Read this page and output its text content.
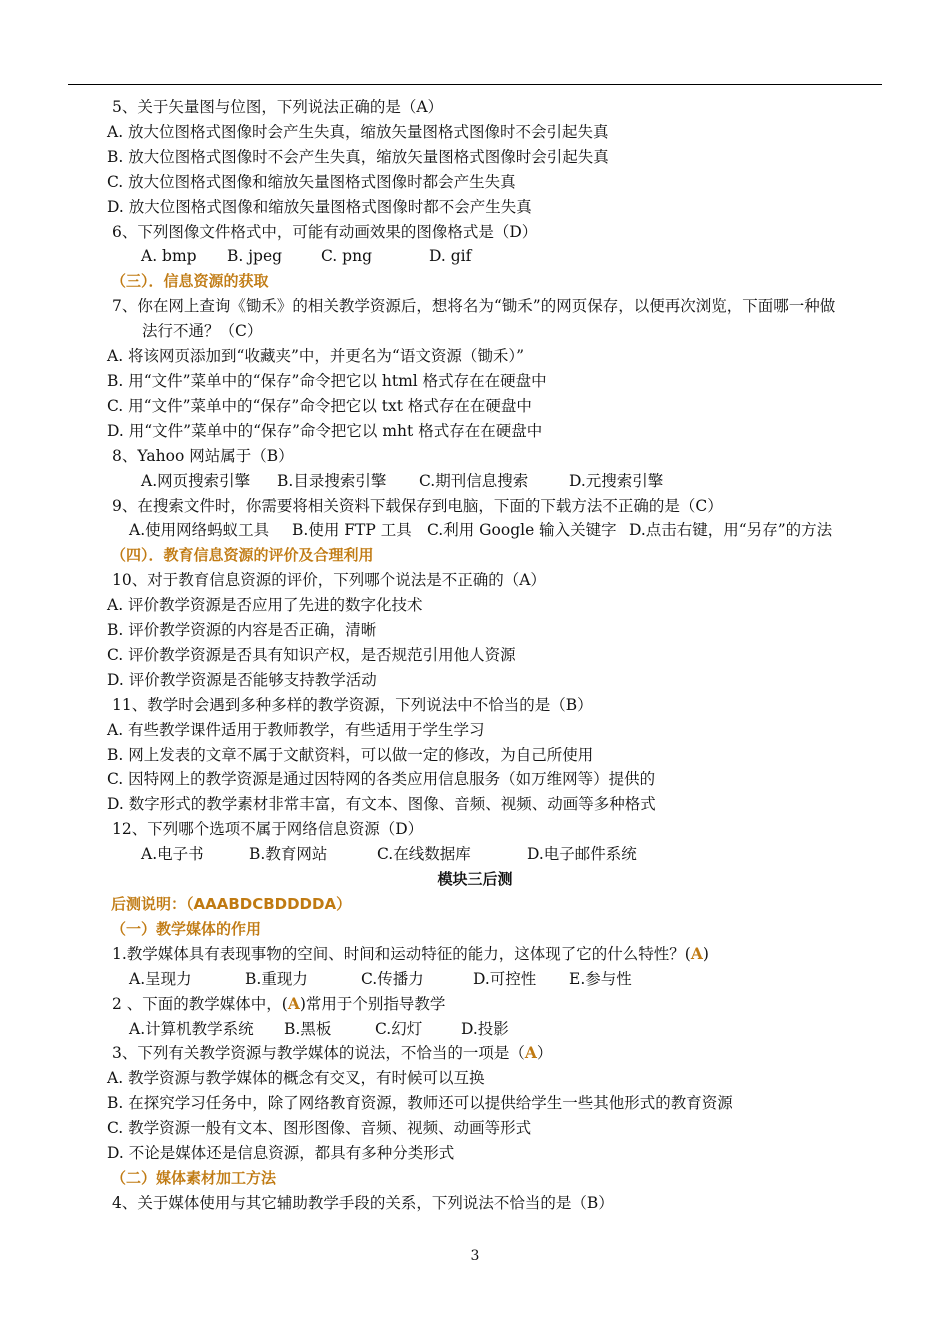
5、关于矢量图与位图，下列说法正确的是（A）
A. 放大位图格式图像时会产生失真，缩放矢量图格式图像时不会引起失真
B. 放大位图格式图像时不会产生失真，缩放矢量图格式图像时会引起失真
C. 放大位图格式图像和缩放矢量图格式图像时都会产生失真
D. 放大位图格式图像和缩放矢量图格式图像时都不会产生失真
6、下列图像文件格式中，可能有动画效果的图像格式是（D）
A. bmp B. jpeg	C. png	D. gif
（三）．信息资源的获取
7、你在网上查询《锄禾》的相关教学资源后，想将名为“锄禾”的网页保存，以便再次浏览，下面哪一种做
法行不通？（C）
A. 将该网页添加到“收藏夹”中，并更名为“语文资源（锄禾）”
B. 用“文件”菜单中的“保存”命令把它以 html 格式存在在硬盘中
C. 用“文件”菜单中的“保存”命令把它以 txt 格式存在在硬盘中
D. 用“文件”菜单中的“保存”命令把它以 mht 格式存在在硬盘中
8、Yahoo 网站属于（B）
A.网页搜索引擎 B.目录搜索引擎 C.期刊信息搜索	D.元搜索引擎
9、在搜索文件时，你需要将相关资料下载保存到电脑，下面的下载方法不正确的是（C）
A.使用网络蚂蚁工具 B.使用 FTP 工具 C.利用 Google 输入关键字 D.点击右键，用“另存”的方法
（四）．教育信息资源的评价及合理利用
10、对于教育信息资源的评价，下列哪个说法是不正确的（A）
A. 评价教学资源是否应用了先进的数字化技术
B. 评价教学资源的内容是否正确，清晰
C. 评价教学资源是否具有知识产权，是否规范引用他人资源
D. 评价教学资源是否能够支持教学活动
11、教学时会遇到多种多样的教学资源，下列说法中不恰当的是（B）
A. 有些教学课件适用于教师教学，有些适用于学生学习
B. 网上发表的文章不属于文献资料，可以做一定的修改，为自己所使用
C. 因特网上的教学资源是通过因特网的各类应用信息服务（如万维网等）提供的
D. 数字形式的教学素材非常丰富，有文本、图像、音频、视频、动画等多种格式
12、下列哪个选项不属于网络信息资源（D）
A.电子书	B.教育网站	C.在线数据库	D.电子邮件系统
模块三后测
后测说明：（AAABDCBDDDDA）
（一）教学媒体的作用
1.教学媒体具有表现事物的空间、时间和运动特征的能力，这体现了它的什么特性？(A)
A.呈现力	B.重现力	C.传播力	D.可控性 E.参与性
2 、下面的教学媒体中，(A)常用于个别指导教学
A.计算机教学系统 B.黑板	C.幻灯	D.投影
3、下列有关教学资源与教学媒体的说法，不恰当的一项是（A）
A. 教学资源与教学媒体的概念有交叉，有时候可以互换
B. 在探究学习任务中，除了网络教育资源，教师还可以提供给学生一些其他形式的教育资源
C. 教学资源一般有文本、图形图像、音频、视频、动画等形式
D. 不论是媒体还是信息资源，都具有多种分类形式
（二）媒体素材加工方法
4、关于媒体使用与其它辅助教学手段的关系，下列说法不恰当的是（B）
3
